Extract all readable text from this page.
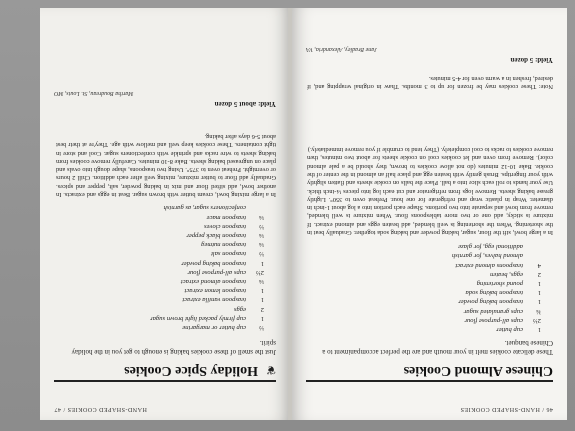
HAND-SHAPED COOKIES / 47
❦
Holiday Spice Cookies
Just the smell of these cookies baking is enough to get you in the holiday spirit.
½
cup butter or margarine
1
cup firmly packed light brown sugar
2
eggs
1
teaspoon vanilla extract
1
teaspoon lemon extract
¼
teaspoon almond extract
2½
cups all-purpose flour
1
teaspoon baking powder
½
teaspoon salt
¼
teaspoon nutmeg
¼
teaspoon black pepper
½
teaspoon cloves
¼
teaspoon mace
confectioners sugar, as garnish
In a large mixing bowl, cream butter with brown sugar. Beat in eggs and extracts. In another bowl, add sifted flour and mix in baking powder, salt, pepper and spices. Gradually add flour to butter mixture, mixing well after each addition. Chill 2 hours or overnight. Preheat oven to 375°. Using two teaspoons, shape dough into ovals and place on ungreased baking sheets. Bake 8-10 minutes. Carefully remove cookies from baking sheets to wire racks and sprinkle with confectioners sugar. Cool and store in tight containers. These cookies keep well and mellow with age. They're at their best about 5-6 days after baking.
Yield: about 5 dozen
Martha Boudreau, St. Louis, MO
46 / HAND-SHAPED COOKIES
Chinese Almond Cookies
These delicate cookies melt in your mouth and are the perfect accompaniment to a Chinese banquet.
1
cup butter
2½
cups all-purpose flour
¾
cups granulated sugar
1
teaspoon baking powder
1
teaspoon baking soda
1
pound shortening
2
eggs, beaten
4
teaspoons almond extract
almond halves, for garnish
additional egg, for glaze
In a large bowl, sift the flour, sugar, baking powder and baking soda together. Gradually beat in the shortening. When the shortening is well blended, add beaten eggs and almond extract. If mixture is sticky, add one or two more tablespoons flour. When mixture is well blended, remove from bowl and separate into two portions. Shape each portion into a log about 1-inch in diameter. Wrap in plastic wrap and refrigerate for one hour. Preheat oven to 350°. Lightly grease baking sheets. Remove logs from refrigerator and cut each log into pieces ¼-inch thick. Use your hands to roll each slice into a ball. Place the balls on cookie sheets and flatten slightly with your fingertips. Brush gently with beaten egg and place half an almond in the center of the cookie. Bake 10-12 minutes (do not allow cookies to brown, they should be a pale almond color). Remove from oven and let cookies cool on cookie sheets for about two minutes, then remove cookies to racks to cool completely. (They tend to crumble if you remove immediately.)
Note: These cookies may be frozen for up to 3 months. Thaw in original wrapping and, if desired, freshen in a warm oven for 4-5 minutes.
Yield: 5 dozen
Jane Bradley, Alexandria, VA
